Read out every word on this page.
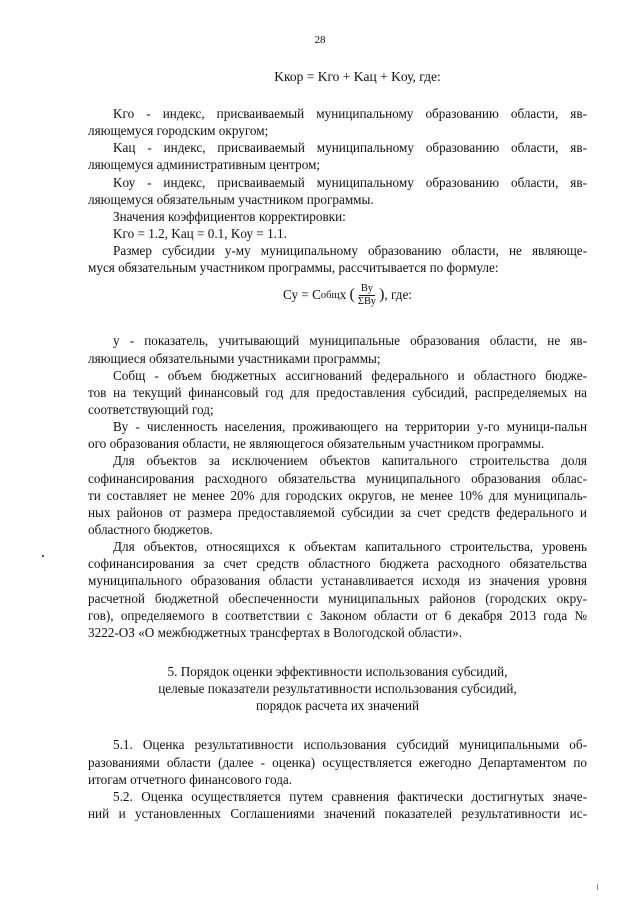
28
Kкор = Kго + Kац + Kоу, где:
Kго - индекс, присваиваемый муниципальному образованию области, яв-
ляющемуся городским округом;
Kац - индекс, присваиваемый муниципальному образованию области, яв-
ляющемуся административным центром;
Kоу - индекс, присваиваемый муниципальному образованию области, яв-
ляющемуся обязательным участником программы.
Значения коэффициентов корректировки:
Kго = 1.2, Kац = 0.1, Kоу = 1.1.
Размер субсидии у-му муниципальному образованию области, не являюще-
муся обязательным участником программы, рассчитывается по формуле:
Су =
С общ x
( $\frac{Ву}{\text{ΣВу}}$ ) , где:
у - показатель, учитывающий муниципальные образования области, не яв-
ляющиеся обязательными участниками программы;
Собщ - объем бюджетных ассигнований федерального и областного бюдже-
тов на текущий финансовый год для предоставления субсидий, распределяемых на
соответствующий год;
Ву - численность населения, проживающего на территории у-го муници-пальн
ого образования области, не являющегося обязательным участником программы.
Для объектов за исключением объектов капитального строительства доля
софинансирования расходного обязательства муниципального образования облас-
ти составляет не менее 20% для городских округов, не менее 10% для муниципаль-
ных районов от размера предоставляемой субсидии за счет средств федерального и
областного бюджетов.
Для объектов, относящихся к объектам капитального строительства, уровень
софинансирования за счет средств областного бюджета расходного обязательства
муниципального образования области устанавливается исходя из значения уровня
расчетной бюджетной обеспеченности муниципальных районов (городских окру-
гов), определяемого в соответствии с Законом области от 6 декабря 2013 года №
3222-ОЗ «О межбюджетных трансфертах в Вологодской области».
5. Порядок оценки эффективности использования субсидий,
целевые показатели результативности использования субсидий,
порядок расчета их значений
5.1. Оценка результативности использования субсидий муниципальными об-
разованиями области (далее - оценка) осуществляется ежегодно Департаментом по
итогам отчетного финансового года.
5.2. Оценка осуществляется путем сравнения фактически достигнутых значе-
ний и установленных Соглашениями значений показателей результативности ис-
